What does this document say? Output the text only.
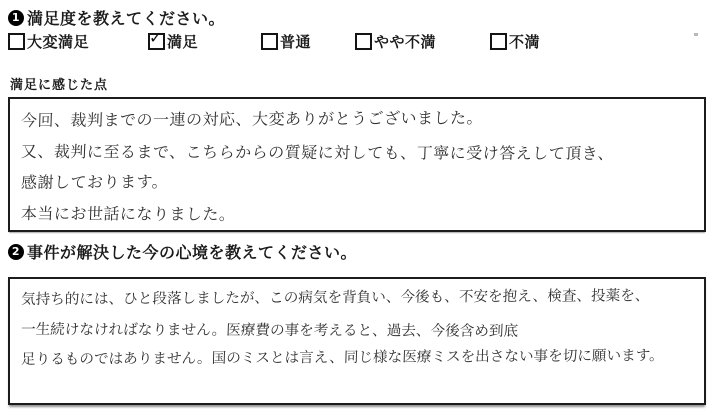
1 満足度を教えてください。
大変満足	✓ 満足	普通	やや不満	不満
満足に感じた点
今回、裁判までの一連の対応、大変ありがとうございました。
又、裁判に至るまで、こちらからの質疑に対しても、丁寧に受け答えして頂き、
感謝しております。
本当にお世話になりました。
2 事件が解決した今の心境を教えてください。
気持ち的には、ひと段落しましたが、この病気を背負い、今後も、不安を抱え、検査、投薬を、
一生続けなければなりません。医療費の事を考えると、過去、今後含め到底
足りるものではありません。国のミスとは言え、同じ様な医療ミスを出さない事を切に願います。
